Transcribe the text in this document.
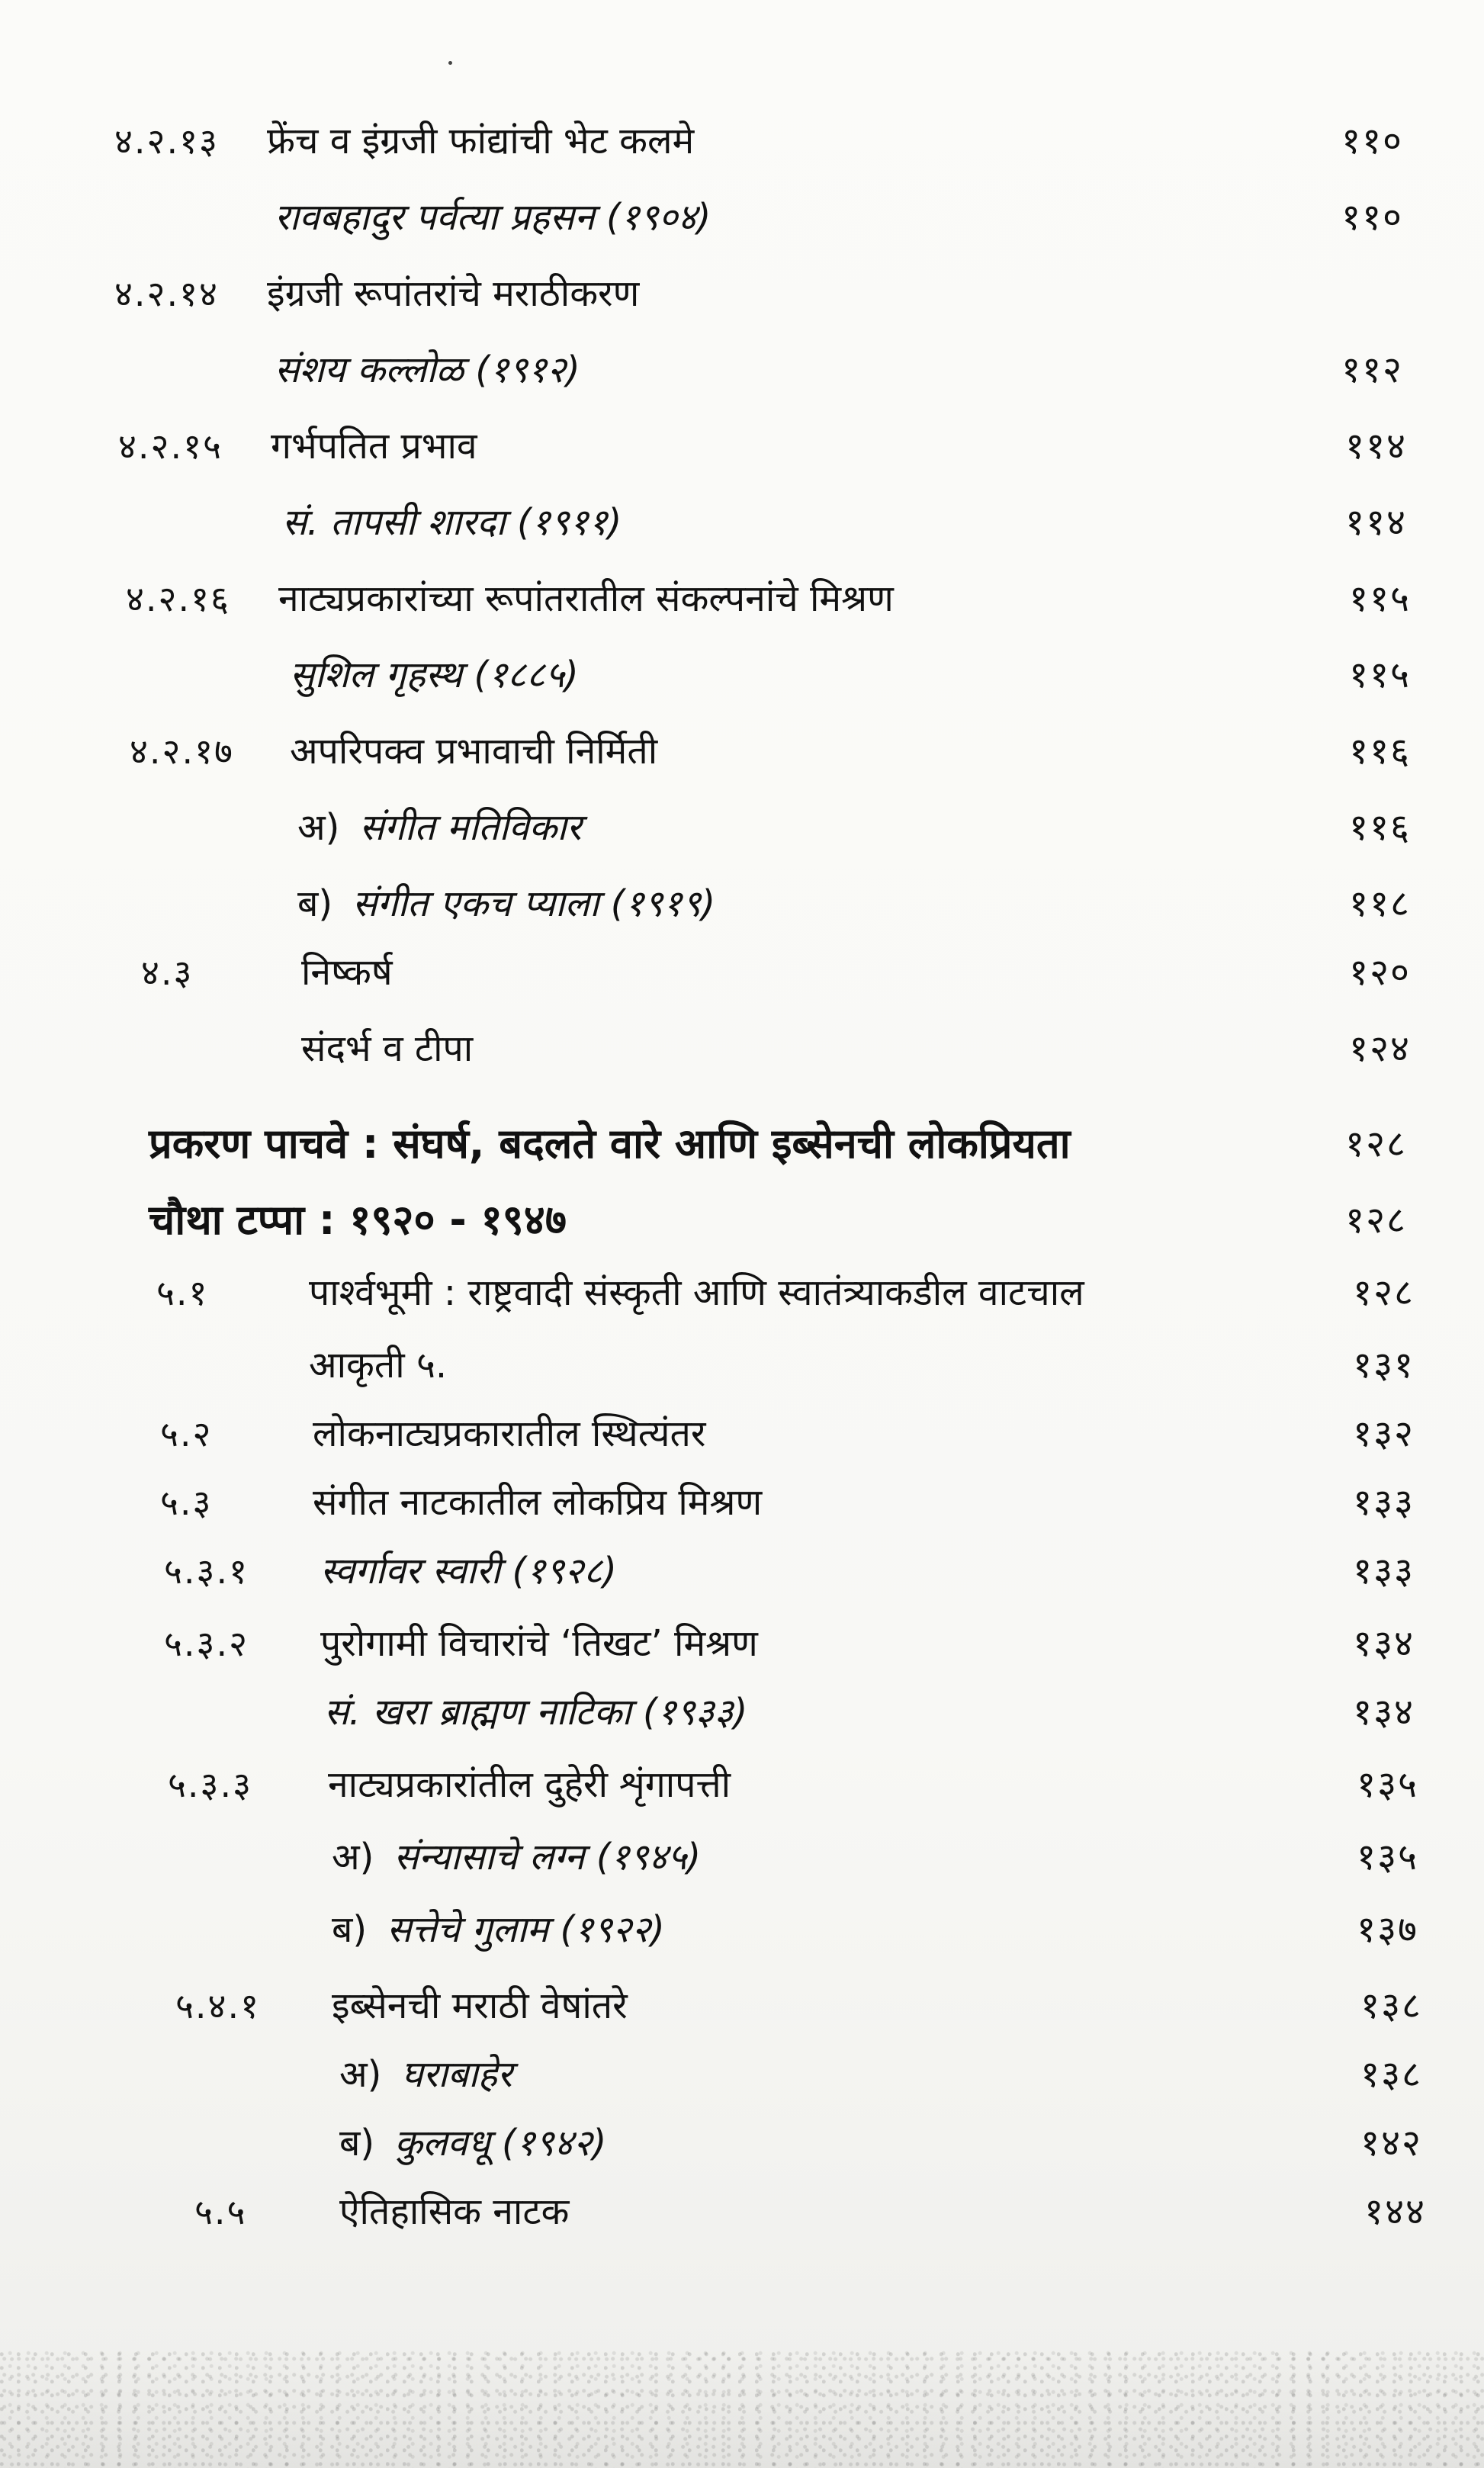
४.२.१३ फ्रेंच व इंग्रजी फांद्यांची भेट कलमे	११०
रावबहादुर पर्वत्या प्रहसन (१९०४)	११०
४.२.१४ इंग्रजी रूपांतरांचे मराठीकरण
संशय कल्लोळ (१९१२)	११२
४.२.१५ गर्भपतित प्रभाव	११४
सं. तापसी शारदा (१९११)	११४
४.२.१६ नाट्यप्रकारांच्या रूपांतरातील संकल्पनांचे मिश्रण	११५
सुशिल गृहस्थ (१८८५)	११५
४.२.१७ अपरिपक्व प्रभावाची निर्मिती	११६
अ) संगीत मतिविकार	११६
ब) संगीत एकच प्याला (१९१९)	११८
४.३	निष्कर्ष	१२०
संदर्भ व टीपा	१२४
प्रकरण पाचवे : संघर्ष, बदलते वारे आणि इब्सेनची लोकप्रियता	१२८
चौथा टप्पा : १९२० - १९४७	१२८
५.१	पार्श्वभूमी : राष्ट्रवादी संस्कृती आणि स्वातंत्र्याकडील वाटचाल	१२८
आकृती ५.	१३१
५.२	लोकनाट्यप्रकारातील स्थित्यंतर	१३२
५.३	संगीत नाटकातील लोकप्रिय मिश्रण	१३३
५.३.१ स्वर्गावर स्वारी (१९२८)	१३३
५.३.२ पुरोगामी विचारांचे ‘तिखट’ मिश्रण	१३४
सं. खरा ब्राह्मण नाटिका (१९३३)	१३४
५.३.३ नाट्यप्रकारांतील दुहेरी शृंगापत्ती	१३५
अ) संन्यासाचे लग्न (१९४५)	१३५
ब) सत्तेचे गुलाम (१९२२)	१३७
५.४.१ इब्सेनची मराठी वेषांतरे	१३८
अ) घराबाहेर	१३८
ब) कुलवधू (१९४२)	१४२
५.५	ऐतिहासिक नाटक	१४४
